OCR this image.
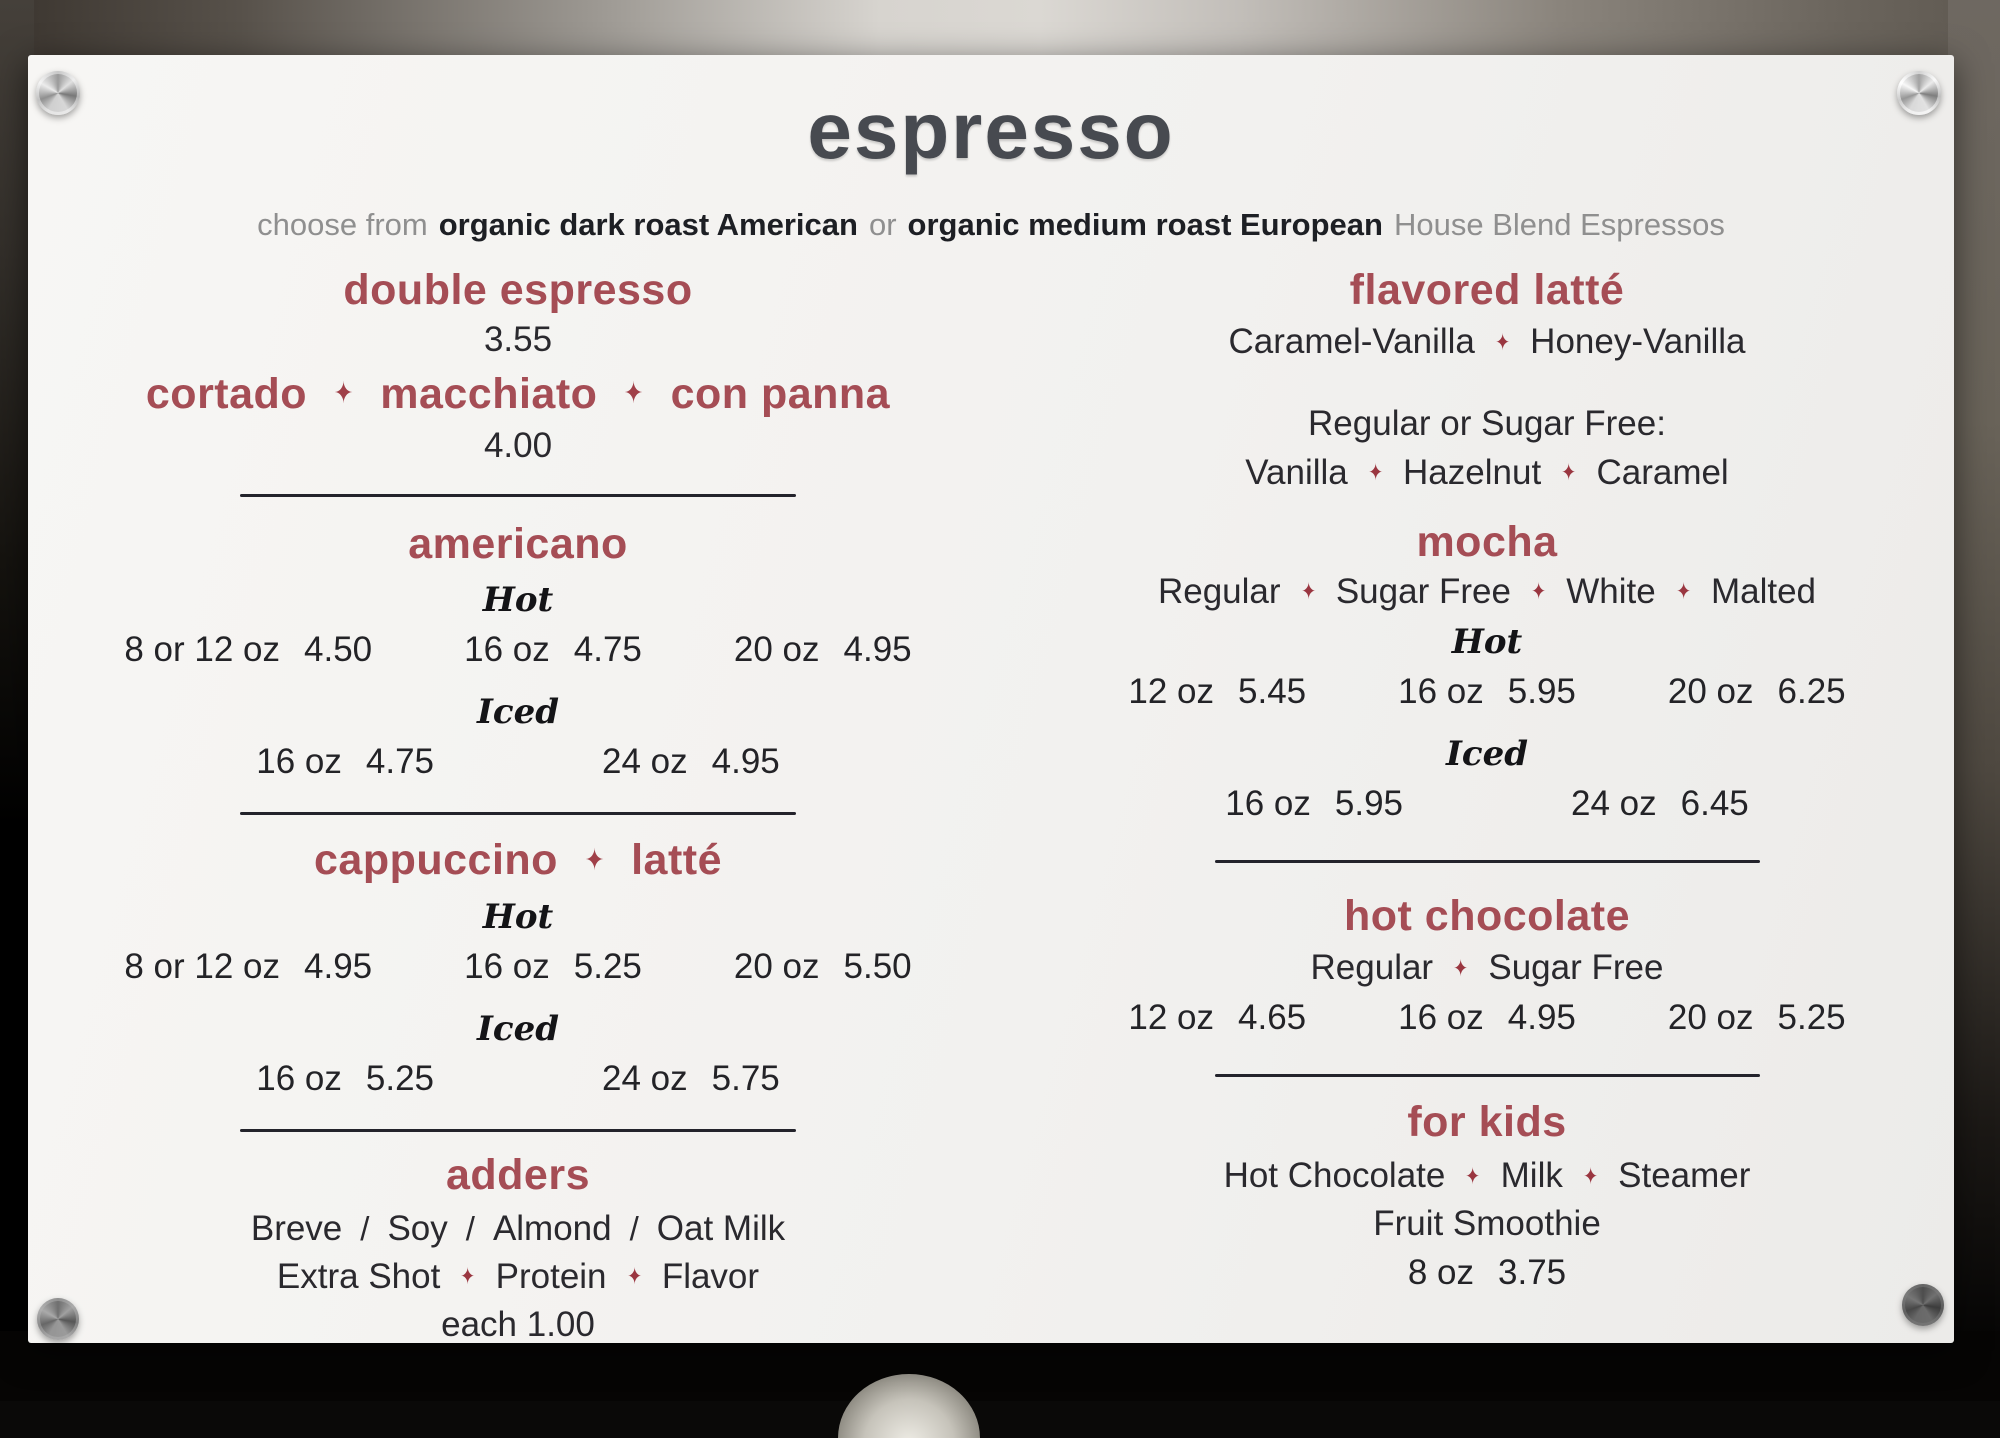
espresso
choose from organic dark roast American or organic medium roast European House Blend Espressos
double espresso
3.55
cortado ✦ macchiato ✦ con panna
4.00
americano
Hot
8 or 12 oz 4.50	16 oz 4.75	20 oz 4.95
Iced
16 oz 4.75	24 oz 4.95
cappuccino ✦ latté
Hot
8 or 12 oz 4.95	16 oz 5.25	20 oz 5.50
Iced
16 oz 5.25	24 oz 5.75
adders
Breve / Soy / Almond / Oat Milk
Extra Shot ✦ Protein ✦ Flavor
each 1.00
flavored latté
Caramel-Vanilla ✦ Honey-Vanilla
Regular or Sugar Free:
Vanilla ✦ Hazelnut ✦ Caramel
mocha
Regular ✦ Sugar Free ✦ White ✦ Malted
Hot
12 oz 5.45	16 oz 5.95	20 oz 6.25
Iced
16 oz 5.95	24 oz 6.45
hot chocolate
Regular ✦ Sugar Free
12 oz 4.65	16 oz 4.95	20 oz 5.25
for kids
Hot Chocolate ✦ Milk ✦ Steamer
Fruit Smoothie
8 oz 3.75
